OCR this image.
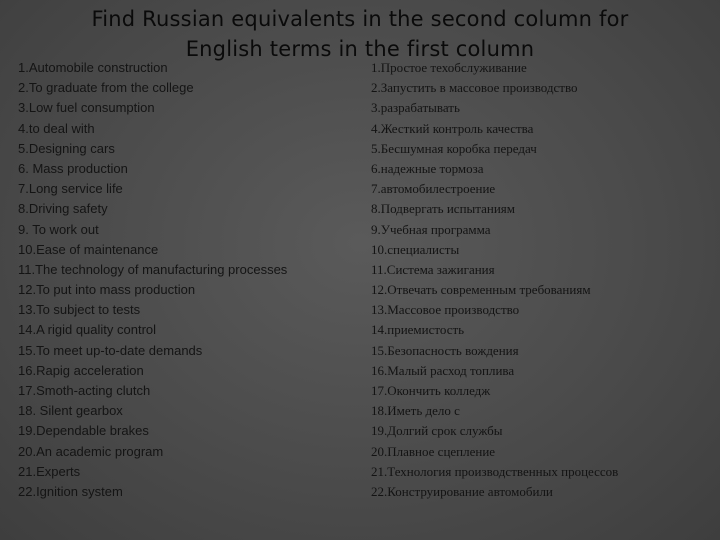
Find Russian equivalents in the second column for
English terms in the first column
1.Automobile construction
2.To graduate from the college
3.Low fuel consumption
4.to deal with
5.Designing cars
6. Mass production
7.Long service life
8.Driving safety
9. To work out
10.Ease of maintenance
11.The technology of manufacturing processes
12.To put into mass production
13.To subject to tests
14.A rigid quality control
15.To meet up-to-date demands
16.Rapig acceleration
17.Smoth-acting clutch
18. Silent gearbox
19.Dependable brakes
20.An academic program
21.Experts
22.Ignition system
1.Простое техобслуживание
2.Запустить в массовое производство
3.разрабатывать
4.Жесткий контроль качества
5.Бесшумная коробка передач
6.надежные тормоза
7.автомобилестроение
8.Подвергать испытаниям
9.Учебная программа
10.специалисты
11.Система зажигания
12.Отвечать современным требованиям
13.Массовое производство
14.приемистость
15.Безопасность вождения
16.Малый расход топлива
17.Окончить колледж
18.Иметь дело с
19.Долгий срок службы
20.Плавное сцепление
21.Технология производственных процессов
22.Конструирование автомобили
